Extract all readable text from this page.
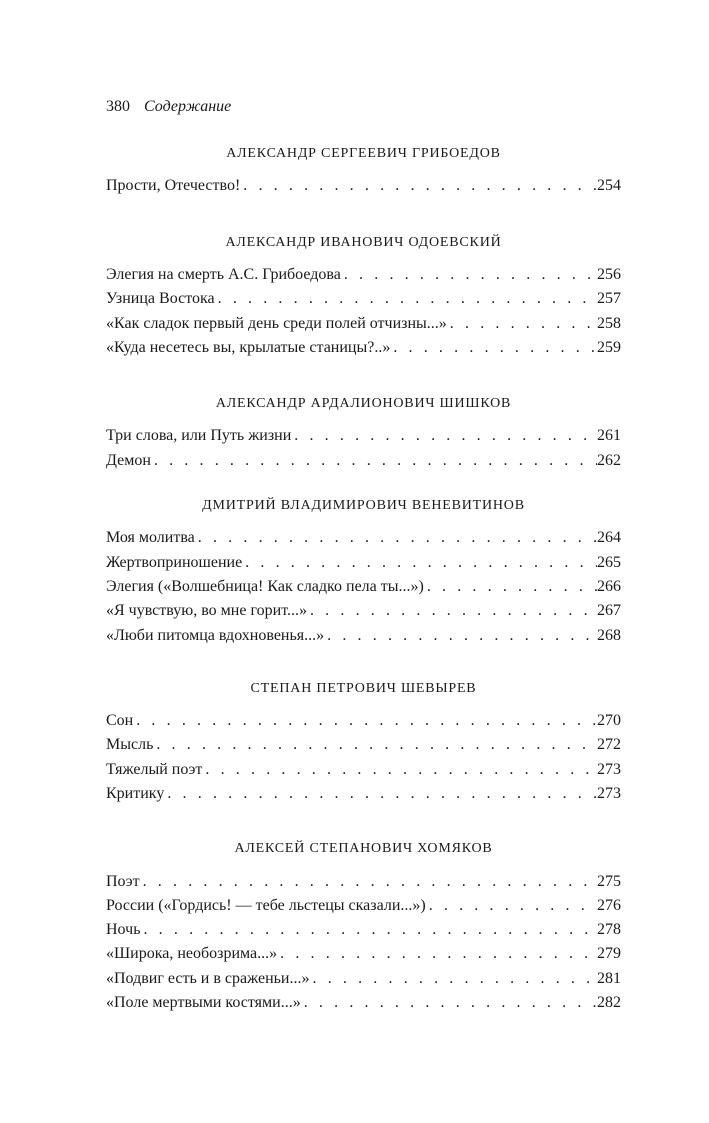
380 Содержание
АЛЕКСАНДР СЕРГЕЕВИЧ ГРИБОЕДОВ
Прости, Отечество! . . .	254
АЛЕКСАНДР ИВАНОВИЧ ОДОЕВСКИЙ
Элегия на смерть А.С. Грибоедова . . .	256
Узница Востока . . .	257
«Как сладок первый день среди полей отчизны...» . . .	258
«Куда несетесь вы, крылатые станицы?..» . . .	259
АЛЕКСАНДР АРДАЛИОНОВИЧ ШИШКОВ
Три слова, или Путь жизни . . .	261
Демон . . .	262
ДМИТРИЙ ВЛАДИМИРОВИЧ ВЕНЕВИТИНОВ
Моя молитва . . .	264
Жертвоприношение . . .	265
Элегия («Волшебница! Как сладко пела ты...») . . .	266
«Я чувствую, во мне горит...» . . .	267
«Люби питомца вдохновенья...» . . .	268
СТЕПАН ПЕТРОВИЧ ШЕВЫРЕВ
Сон . . .	270
Мысль . . .	272
Тяжелый поэт . . .	273
Критику . . .	273
АЛЕКСЕЙ СТЕПАНОВИЧ ХОМЯКОВ
Поэт . . .	275
России («Гордись! — тебе льстецы сказали...») . . .	276
Ночь . . .	278
«Широка, необозрима...» . . .	279
«Подвиг есть и в сраженьи...» . . .	281
«Поле мертвыми костями...» . . .	282
